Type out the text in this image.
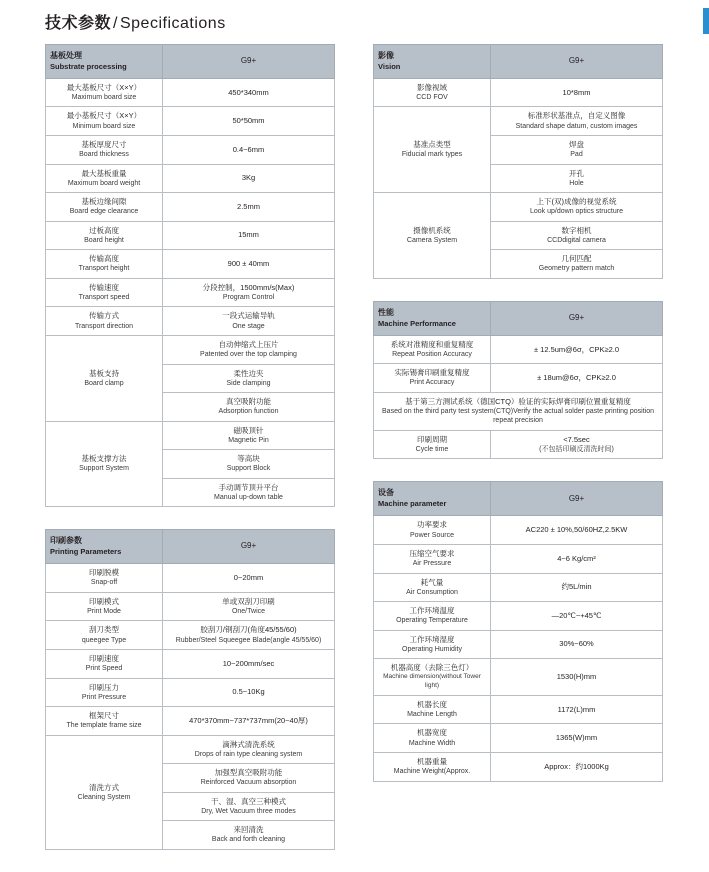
技术参数 / Specifications
基板处理
Substrate processing	G9+

最大基板尺寸（X×Y）
Maximum board size	450*340mm

最小基板尺寸（X×Y）
Minimum board size	50*50mm

基板厚度尺寸
Board thickness	0.4~6mm

最大基板重量
Maximum board weight	3Kg

基板边缘间隙
Board edge clearance	2.5mm

过板高度
Board height	15mm

传输高度
Transport height	900 ± 40mm

传输速度
Transport speed	分段控制，1500mm/s(Max)
Program Control

传输方式
Transport direction	一段式运输导轨
One stage

基板支持
Board clamp	自动伸缩式上压片
Patented over the top clamping

	柔性边夹
Side clamping

	真空吸附功能
Adsorption function

基板支撑方法
Support System	磁吸顶针
Magnetic Pin

	等高块
Support Block

	手动调节顶升平台
Manual up-down table
印刷参数
Printing Parameters	G9+

印刷脱模
Snap-off	0~20mm

印刷模式
Print Mode	单或双刮刀印刷
One/Twice

刮刀类型
queegee Type	胶刮刀/钢刮刀(角度45/55/60)
Rubber/Steel Squeegee Blade(angle 45/55/60)

印刷速度
Print Speed	10~200mm/sec

印刷压力
Print Pressure	0.5~10Kg

框架尺寸
The template frame size	470*370mm~737*737mm(20~40厚)

清洗方式
Cleaning System	滴淋式清洗系统
Drops of rain type cleaning system

	加强型真空吸附功能
Reinforced Vacuum absorption

	干、湿、真空三种模式
Dry, Wet Vacuum three modes

	来回清洗
Back and forth cleaning
影像
Vision	G9+

影像视域
CCD FOV	10*8mm

基准点类型
Fiducial mark types	标准形状基准点，自定义图像
Standard shape datum, custom images

	焊盘
Pad

	开孔
Hole

摄像机系统
Camera System	上下(双)成像的视觉系统
Look up/down optics structure

	数字相机
CCDdigital camera

	几何匹配
Geometry pattern match
性能
Machine Performance	G9+

系统对准精度和重复精度
Repeat Position Accuracy	± 12.5um@6σ，CPK≥2.0

实际锡膏印刷重复精度
Print Accuracy	± 18um@6σ，CPK≥2.0

基于第三方测试系统（德国CTQ）验证的实际焊膏印刷位置重复精度
Based on the third party test system(CTQ)Verify the actual solder paste printing position repeat precision	

印刷周期
Cycle time	<7.5sec
(不包括印刷反清洗时间)
设备
Machine parameter	G9+

功率要求
Power Source	AC220 ± 10%,50/60HZ,2.5KW

压缩空气要求
Air Pressure	4~6 Kg/cm²

耗气量
Air Consumption	约5L/min

工作环境温度
Operating Temperature	—20℃~+45℃

工作环境湿度
Operating Humidity	30%~60%

机器高度（去除三色灯）
Machine dimension(without Tower light)	1530(H)mm

机器长度
Machine Length	1172(L)mm

机器宽度
Machine Width	1365(W)mm

机器重量
Machine Weight(Approx.	Approx：约1000Kg
